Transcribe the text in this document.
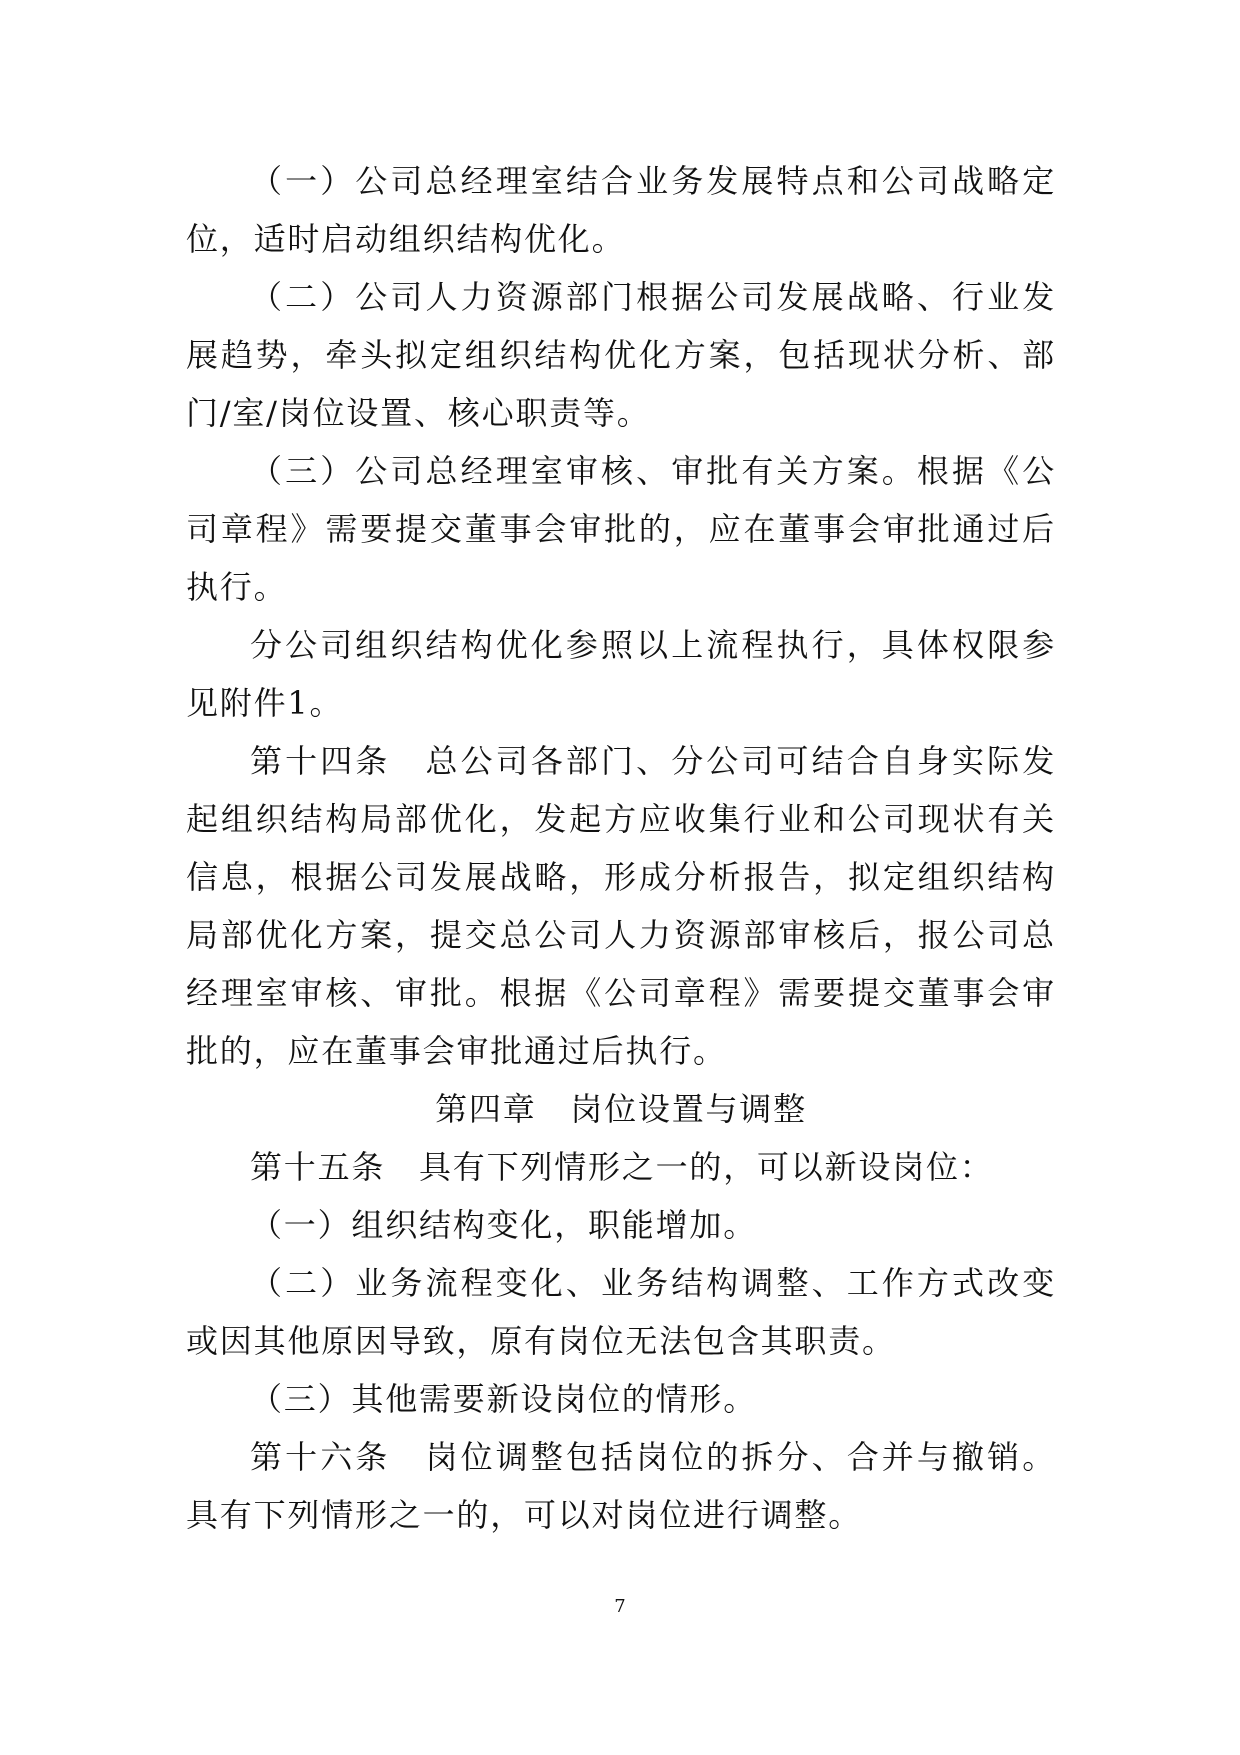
（一）公司总经理室结合业务发展特点和公司战略定位，适时启动组织结构优化。

（二）公司人力资源部门根据公司发展战略、行业发展趋势，牵头拟定组织结构优化方案，包括现状分析、部门/室/岗位设置、核心职责等。

（三）公司总经理室审核、审批有关方案。根据《公司章程》需要提交董事会审批的，应在董事会审批通过后执行。

分公司组织结构优化参照以上流程执行，具体权限参见附件1。

第十四条　总公司各部门、分公司可结合自身实际发起组织结构局部优化，发起方应收集行业和公司现状有关信息，根据公司发展战略，形成分析报告，拟定组织结构局部优化方案，提交总公司人力资源部审核后，报公司总经理室审核、审批。根据《公司章程》需要提交董事会审批的，应在董事会审批通过后执行。

第四章　岗位设置与调整

第十五条　具有下列情形之一的，可以新设岗位：

（一）组织结构变化，职能增加。

（二）业务流程变化、业务结构调整、工作方式改变或因其他原因导致，原有岗位无法包含其职责。

（三）其他需要新设岗位的情形。

第十六条　岗位调整包括岗位的拆分、合并与撤销。具有下列情形之一的，可以对岗位进行调整。

7
